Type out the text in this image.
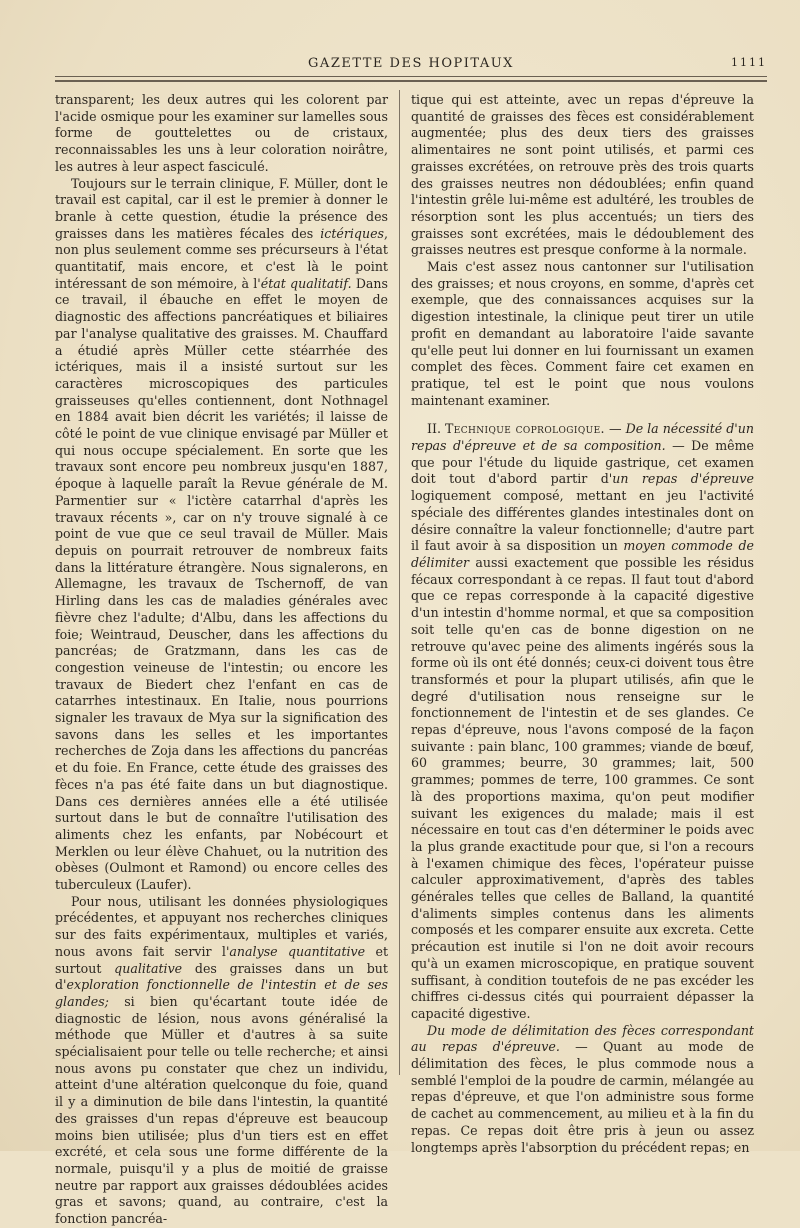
GAZETTE DES HOPITAUX	1111

transparent; les deux autres qui les colorent par l'acide osmique pour les examiner sur lamelles sous forme de gouttelettes ou de cristaux, reconnaissables les uns à leur coloration noirâtre, les autres à leur aspect fasciculé.

Toujours sur le terrain clinique, F. Müller, dont le travail est capital, car il est le premier à donner le branle à cette question, étudie la présence des graisses dans les matières fécales des ictériques, non plus seulement comme ses précurseurs à l'état quantitatif, mais encore, et c'est là le point intéressant de son mémoire, à l'état qualitatif. Dans ce travail, il ébauche en effet le moyen de diagnostic des affections pancréatiques et biliaires par l'analyse qualitative des graisses. M. Chauffard a étudié après Müller cette stéarrhée des ictériques, mais il a insisté surtout sur les caractères microscopiques des particules graisseuses qu'elles contiennent, dont Nothnagel en 1884 avait bien décrit les variétés; il laisse de côté le point de vue clinique envisagé par Müller et qui nous occupe spécialement. En sorte que les travaux sont encore peu nombreux jusqu'en 1887, époque à laquelle paraît la Revue générale de M. Parmentier sur « l'ictère catarrhal d'après les travaux récents », car on n'y trouve signalé à ce point de vue que ce seul travail de Müller. Mais depuis on pourrait retrouver de nombreux faits dans la littérature étrangère. Nous signalerons, en Allemagne, les travaux de Tschernoff, de van Hirling dans les cas de maladies générales avec fièvre chez l'adulte; d'Albu, dans les affections du foie; Weintraud, Deuscher, dans les affections du pancréas; de Gratzmann, dans les cas de congestion veineuse de l'intestin; ou encore les travaux de Biedert chez l'enfant en cas de catarrhes intestinaux. En Italie, nous pourrions signaler les travaux de Mya sur la signification des savons dans les selles et les importantes recherches de Zoja dans les affections du pancréas et du foie. En France, cette étude des graisses des fèces n'a pas été faite dans un but diagnostique. Dans ces dernières années elle a été utilisée surtout dans le but de connaître l'utilisation des aliments chez les enfants, par Nobécourt et Merklen ou leur élève Chahuet, ou la nutrition des obèses (Oulmont et Ramond) ou encore celles des tuberculeux (Laufer).

Pour nous, utilisant les données physiologiques précédentes, et appuyant nos recherches cliniques sur des faits expérimentaux, multiples et variés, nous avons fait servir l'analyse quantitative et surtout qualitative des graisses dans un but d'exploration fonctionnelle de l'intestin et de ses glandes; si bien qu'écartant toute idée de diagnostic de lésion, nous avons généralisé la méthode que Müller et d'autres à sa suite spécialisaient pour telle ou telle recherche; et ainsi nous avons pu constater que chez un individu, atteint d'une altération quelconque du foie, quand il y a diminution de bile dans l'intestin, la quantité des graisses d'un repas d'épreuve est beaucoup moins bien utilisée; plus d'un tiers est en effet excrété, et cela sous une forme différente de la normale, puisqu'il y a plus de moitié de graisse neutre par rapport aux graisses dédoublées acides gras et savons; quand, au contraire, c'est la fonction pancréa-

tique qui est atteinte, avec un repas d'épreuve la quantité de graisses des fèces est considérablement augmentée; plus des deux tiers des graisses alimentaires ne sont point utilisés, et parmi ces graisses excrétées, on retrouve près des trois quarts des graisses neutres non dédoublées; enfin quand l'intestin grêle lui-même est adultéré, les troubles de résorption sont les plus accentués; un tiers des graisses sont excrétées, mais le dédoublement des graisses neutres est presque conforme à la normale.

Mais c'est assez nous cantonner sur l'utilisation des graisses; et nous croyons, en somme, d'après cet exemple, que des connaissances acquises sur la digestion intestinale, la clinique peut tirer un utile profit en demandant au laboratoire l'aide savante qu'elle peut lui donner en lui fournissant un examen complet des fèces. Comment faire cet examen en pratique, tel est le point que nous voulons maintenant examiner.

II. Technique coprologique. — De la nécessité d'un repas d'épreuve et de sa composition. — De même que pour l'étude du liquide gastrique, cet examen doit tout d'abord partir d'un repas d'épreuve logiquement composé, mettant en jeu l'activité spéciale des différentes glandes intestinales dont on désire connaître la valeur fonctionnelle; d'autre part il faut avoir à sa disposition un moyen commode de délimiter aussi exactement que possible les résidus fécaux correspondant à ce repas. Il faut tout d'abord que ce repas corresponde à la capacité digestive d'un intestin d'homme normal, et que sa composition soit telle qu'en cas de bonne digestion on ne retrouve qu'avec peine des aliments ingérés sous la forme où ils ont été donnés; ceux-ci doivent tous être transformés et pour la plupart utilisés, afin que le degré d'utilisation nous renseigne sur le fonctionnement de l'intestin et de ses glandes. Ce repas d'épreuve, nous l'avons composé de la façon suivante : pain blanc, 100 grammes; viande de bœuf, 60 grammes; beurre, 30 grammes; lait, 500 grammes; pommes de terre, 100 grammes. Ce sont là des proportions maxima, qu'on peut modifier suivant les exigences du malade; mais il est nécessaire en tout cas d'en déterminer le poids avec la plus grande exactitude pour que, si l'on a recours à l'examen chimique des fèces, l'opérateur puisse calculer approximativement, d'après des tables générales telles que celles de Balland, la quantité d'aliments simples contenus dans les aliments composés et les comparer ensuite aux excreta. Cette précaution est inutile si l'on ne doit avoir recours qu'à un examen microscopique, en pratique souvent suffisant, à condition toutefois de ne pas excéder les chiffres ci-dessus cités qui pourraient dépasser la capacité digestive.

Du mode de délimitation des fèces correspondant au repas d'épreuve. — Quant au mode de délimitation des fèces, le plus commode nous a semblé l'emploi de la poudre de carmin, mélangée au repas d'épreuve, et que l'on administre sous forme de cachet au commencement, au milieu et à la fin du repas. Ce repas doit être pris à jeun ou assez longtemps après l'absorption du précédent repas; en
